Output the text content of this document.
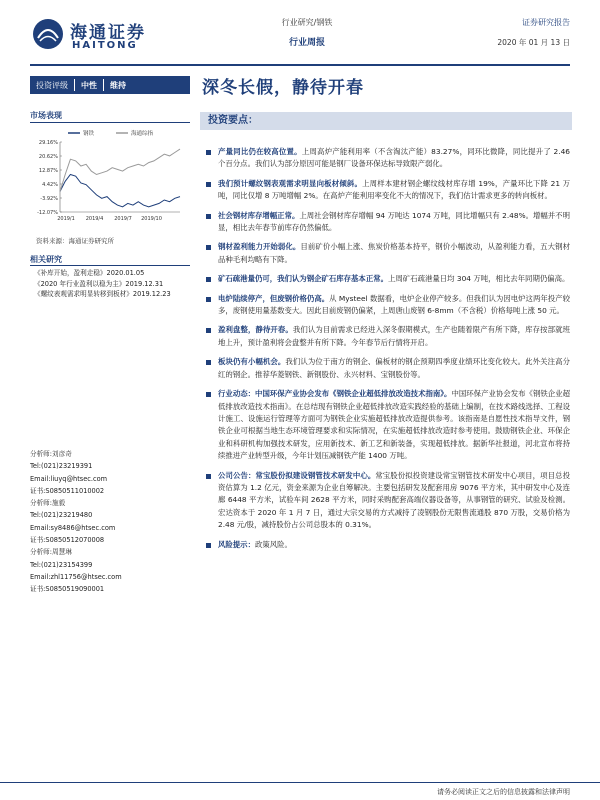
海通证券
HAITONG
行业研究/钢铁
行业周报
证券研究报告
2020 年 01 月 13 日
投资评级	中性	维持	深冬长假，静待开春
市场表现
钢铁	海通综指
29.16%
20.62%
12.87%
4.42%
-3.92%
-12.07%
2019/1 2019/4 2019/7 2019/10
资料来源：海通证券研究所
相关研究
《补库开始，盈利走稳》2020.01.05
《2020 年行业盈利以稳为主》2019.12.31
《螺纹表观需求明显转移到板材》2019.12.23
分析师:刘彦奇
Tel:(021)23219391
Email:liuyq@htsec.com
证书:S0850511010002
分析师:施毅
Tel:(021)23219480
Email:sy8486@htsec.com
证书:S0850512070008
分析师:周慧琳
Tel:(021)23154399
Email:zhl11756@htsec.com
证书:S0850519090001
投资要点：
产量同比仍在较高位置。上周高炉产能利用率（不含淘汰产能）83.27%，同环比微降，同比提升了 2.46 个百分点。我们认为部分原因可能是钢厂设备环保达标导致限产弱化。
我们预计螺纹钢表观需求明显向板材倾斜。上周样本建材钢企螺纹线材库存增 19%，产量环比下降 21 万吨，同比仅增 8 万吨增幅 2%。在高炉产能利用率变化不大的情况下，我们估计需求更多的转向板材。
社会钢材库存增幅正常。上周社会钢材库存增幅 94 万吨达 1074 万吨，同比增幅只有 2.48%。增幅并不明显，相比去年春节前库存仍然偏低。
钢材盈利能力开始弱化。目前矿价小幅上涨、焦炭价格基本持平，钢价小幅波动，从盈利能力看，五大钢材品种毛利均略有下降。
矿石疏港量仍可，我们认为钢企矿石库存基本正常。上周矿石疏港量日均 304 万吨，相比去年同期仍偏高。
电炉陆续停产，但废钢价格仍高。从 Mysteel 数据看，电炉企业停产较多。但我们认为因电炉这两年投产较多，废钢使用量基数变大。因此目前废钢仍偏紧，上周唐山废钢 6-8mm（不含税）价格每吨上涨 50 元。
盈利盘整，静待开春。我们认为目前需求已经进入深冬假期模式，生产也随着限产有所下降，库存按部就班地上升，预计盈利将会盘整并有所下降。今年春节后行情将开启。
板块仍有小幅机会。我们认为位于南方的钢企、偏板材的钢企预期四季度业绩环比变化较大。此外关注高分红的钢企。推荐华菱钢铁、新钢股份、永兴材料、宝钢股份等。
行业动态：中国环保产业协会发布《钢铁企业超低排放改造技术指南》。中国环保产业协会发布《钢铁企业超低排放改造技术指南》。在总结现有钢铁企业超低排放改造实践经验的基础上编制，在技术路线选择、工程设计施工、设施运行管理等方面可为钢铁企业实施超低排放改造提供参考。该指南是自愿性技术指导文件，钢铁企业可根据当地生态环境管理要求和实际情况，在实施超低排放改造时参考使用。鼓励钢铁企业、环保企业和科研机构加强技术研发，应用新技术、新工艺和新装备，实现超低排放。据新华社报道，河北宣布将持续推进产业转型升级，今年计划压减钢铁产能 1400 万吨。
公司公告：常宝股份拟建设钢管技术研发中心。常宝股份拟投资建设常宝钢管技术研发中心项目，项目总投资估算为 1.2 亿元，资金来源为企业自筹解决。主要包括研发及配套用房 9076 平方米，其中研发中心及连廊 6448 平方米，试验车间 2628 平方米，同时采购配套高端仪器设备等，从事钢管的研究、试验及检测。宏达资本于 2020 年 1 月 7 日，通过大宗交易的方式减持了凌钢股份无限售流通股 870 万股，交易价格为 2.48 元/股，减持股份占公司总股本的 0.31%。
风险提示：政策风险。
请务必阅读正文之后的信息披露和法律声明
